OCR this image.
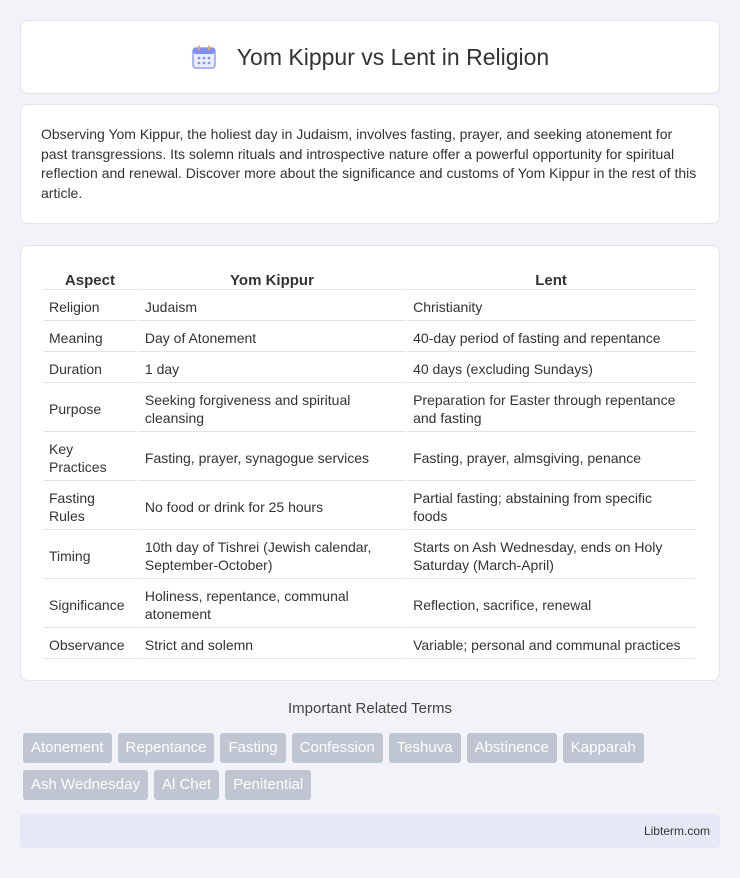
Yom Kippur vs Lent in Religion

Observing Yom Kippur, the holiest day in Judaism, involves fasting, prayer, and seeking atonement for past transgressions. Its solemn rituals and introspective nature offer a powerful opportunity for spiritual reflection and renewal. Discover more about the significance and customs of Yom Kippur in the rest of this article.

Aspect	Yom Kippur	Lent
Religion	Judaism	Christianity
Meaning	Day of Atonement	40-day period of fasting and repentance
Duration	1 day	40 days (excluding Sundays)
Purpose	Seeking forgiveness and spiritual cleansing	Preparation for Easter through repentance and fasting
Key Practices	Fasting, prayer, synagogue services	Fasting, prayer, almsgiving, penance
Fasting Rules	No food or drink for 25 hours	Partial fasting; abstaining from specific foods
Timing	10th day of Tishrei (Jewish calendar, September-October)	Starts on Ash Wednesday, ends on Holy Saturday (March-April)
Significance	Holiness, repentance, communal atonement	Reflection, sacrifice, renewal
Observance	Strict and solemn	Variable; personal and communal practices
Important Related Terms
Atonement	Repentance	Fasting	Confession	Teshuva	Abstinence	Kapparah
Ash Wednesday	Al Chet	Penitential
Libterm.com
